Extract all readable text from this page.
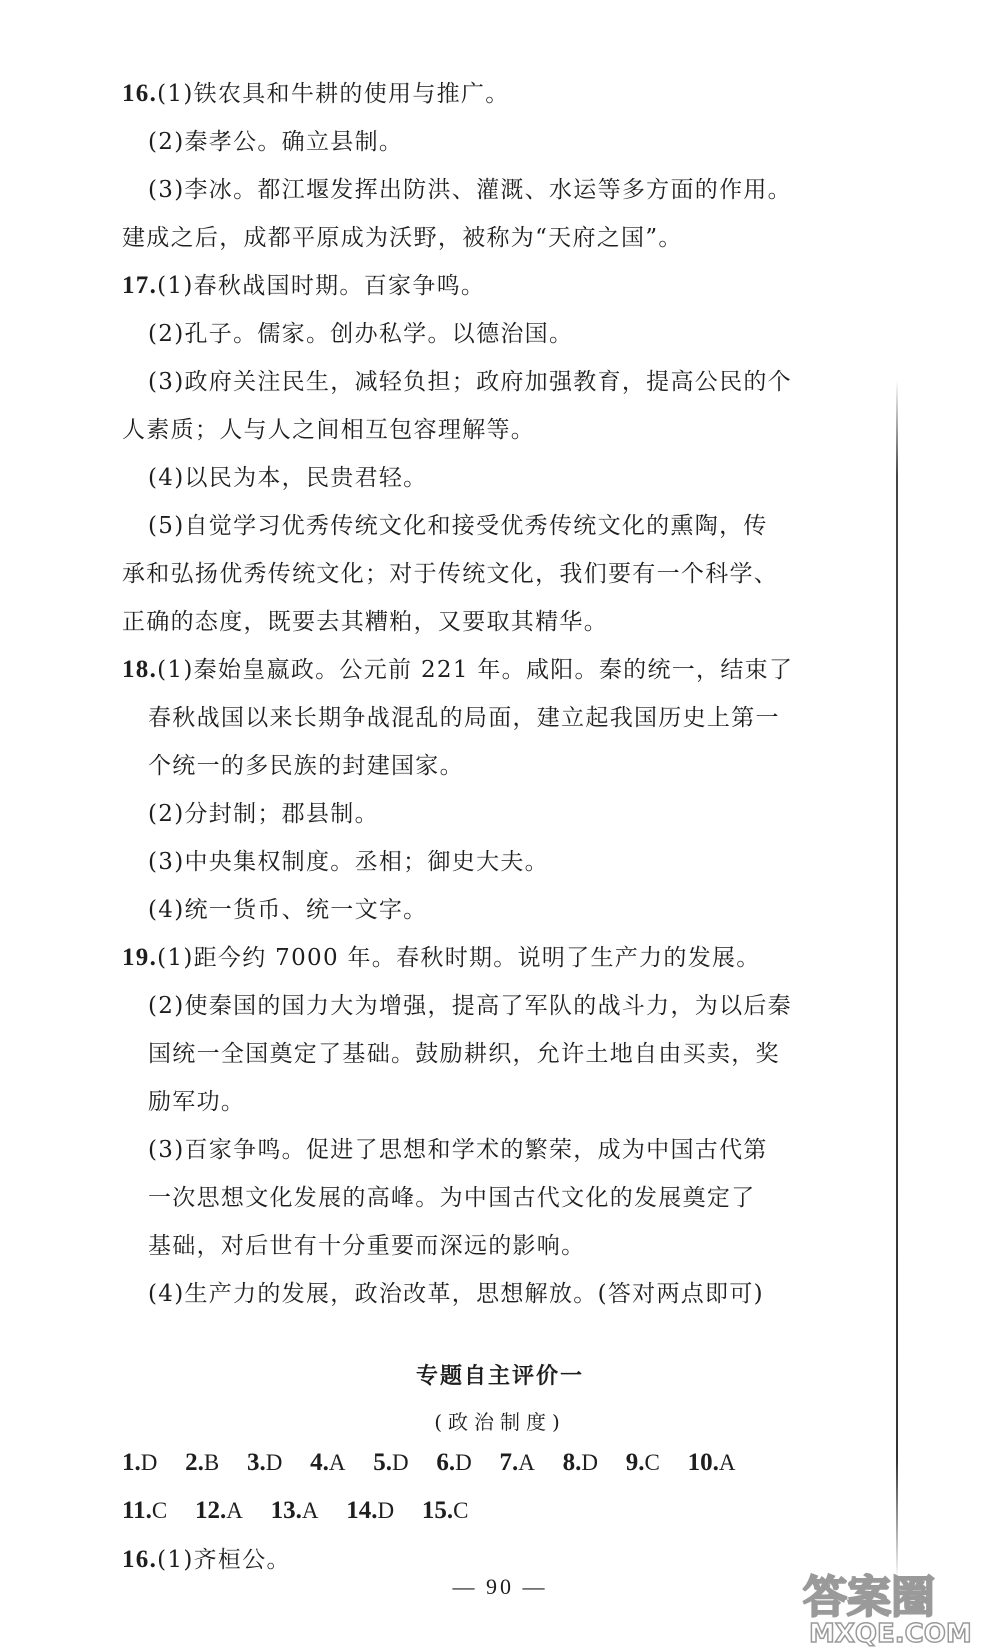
16.(1)铁农具和牛耕的使用与推广。
(2)秦孝公。确立县制。
(3)李冰。都江堰发挥出防洪、灌溉、水运等多方面的作用。
建成之后，成都平原成为沃野，被称为“天府之国”。
17.(1)春秋战国时期。百家争鸣。
(2)孔子。儒家。创办私学。以德治国。
(3)政府关注民生，减轻负担；政府加强教育，提高公民的个
人素质；人与人之间相互包容理解等。
(4)以民为本，民贵君轻。
(5)自觉学习优秀传统文化和接受优秀传统文化的熏陶，传
承和弘扬优秀传统文化；对于传统文化，我们要有一个科学、
正确的态度，既要去其糟粕，又要取其精华。
18.(1)秦始皇嬴政。公元前 221 年。咸阳。秦的统一，结束了
春秋战国以来长期争战混乱的局面，建立起我国历史上第一
个统一的多民族的封建国家。
(2)分封制；郡县制。
(3)中央集权制度。丞相；御史大夫。
(4)统一货币、统一文字。
19.(1)距今约 7000 年。春秋时期。说明了生产力的发展。
(2)使秦国的国力大为增强，提高了军队的战斗力，为以后秦
国统一全国奠定了基础。鼓励耕织，允许土地自由买卖，奖
励军功。
(3)百家争鸣。促进了思想和学术的繁荣，成为中国古代第
一次思想文化发展的高峰。为中国古代文化的发展奠定了
基础，对后世有十分重要而深远的影响。
(4)生产力的发展，政治改革，思想解放。(答对两点即可)
专题自主评价一
(政治制度)
1.D 2.B 3.D 4.A 5.D 6.D 7.A 8.D 9.C 10.A
11.C 12.A 13.A 14.D 15.C
16.(1)齐桓公。
— 90 —	答案圈
MXQE.COM
